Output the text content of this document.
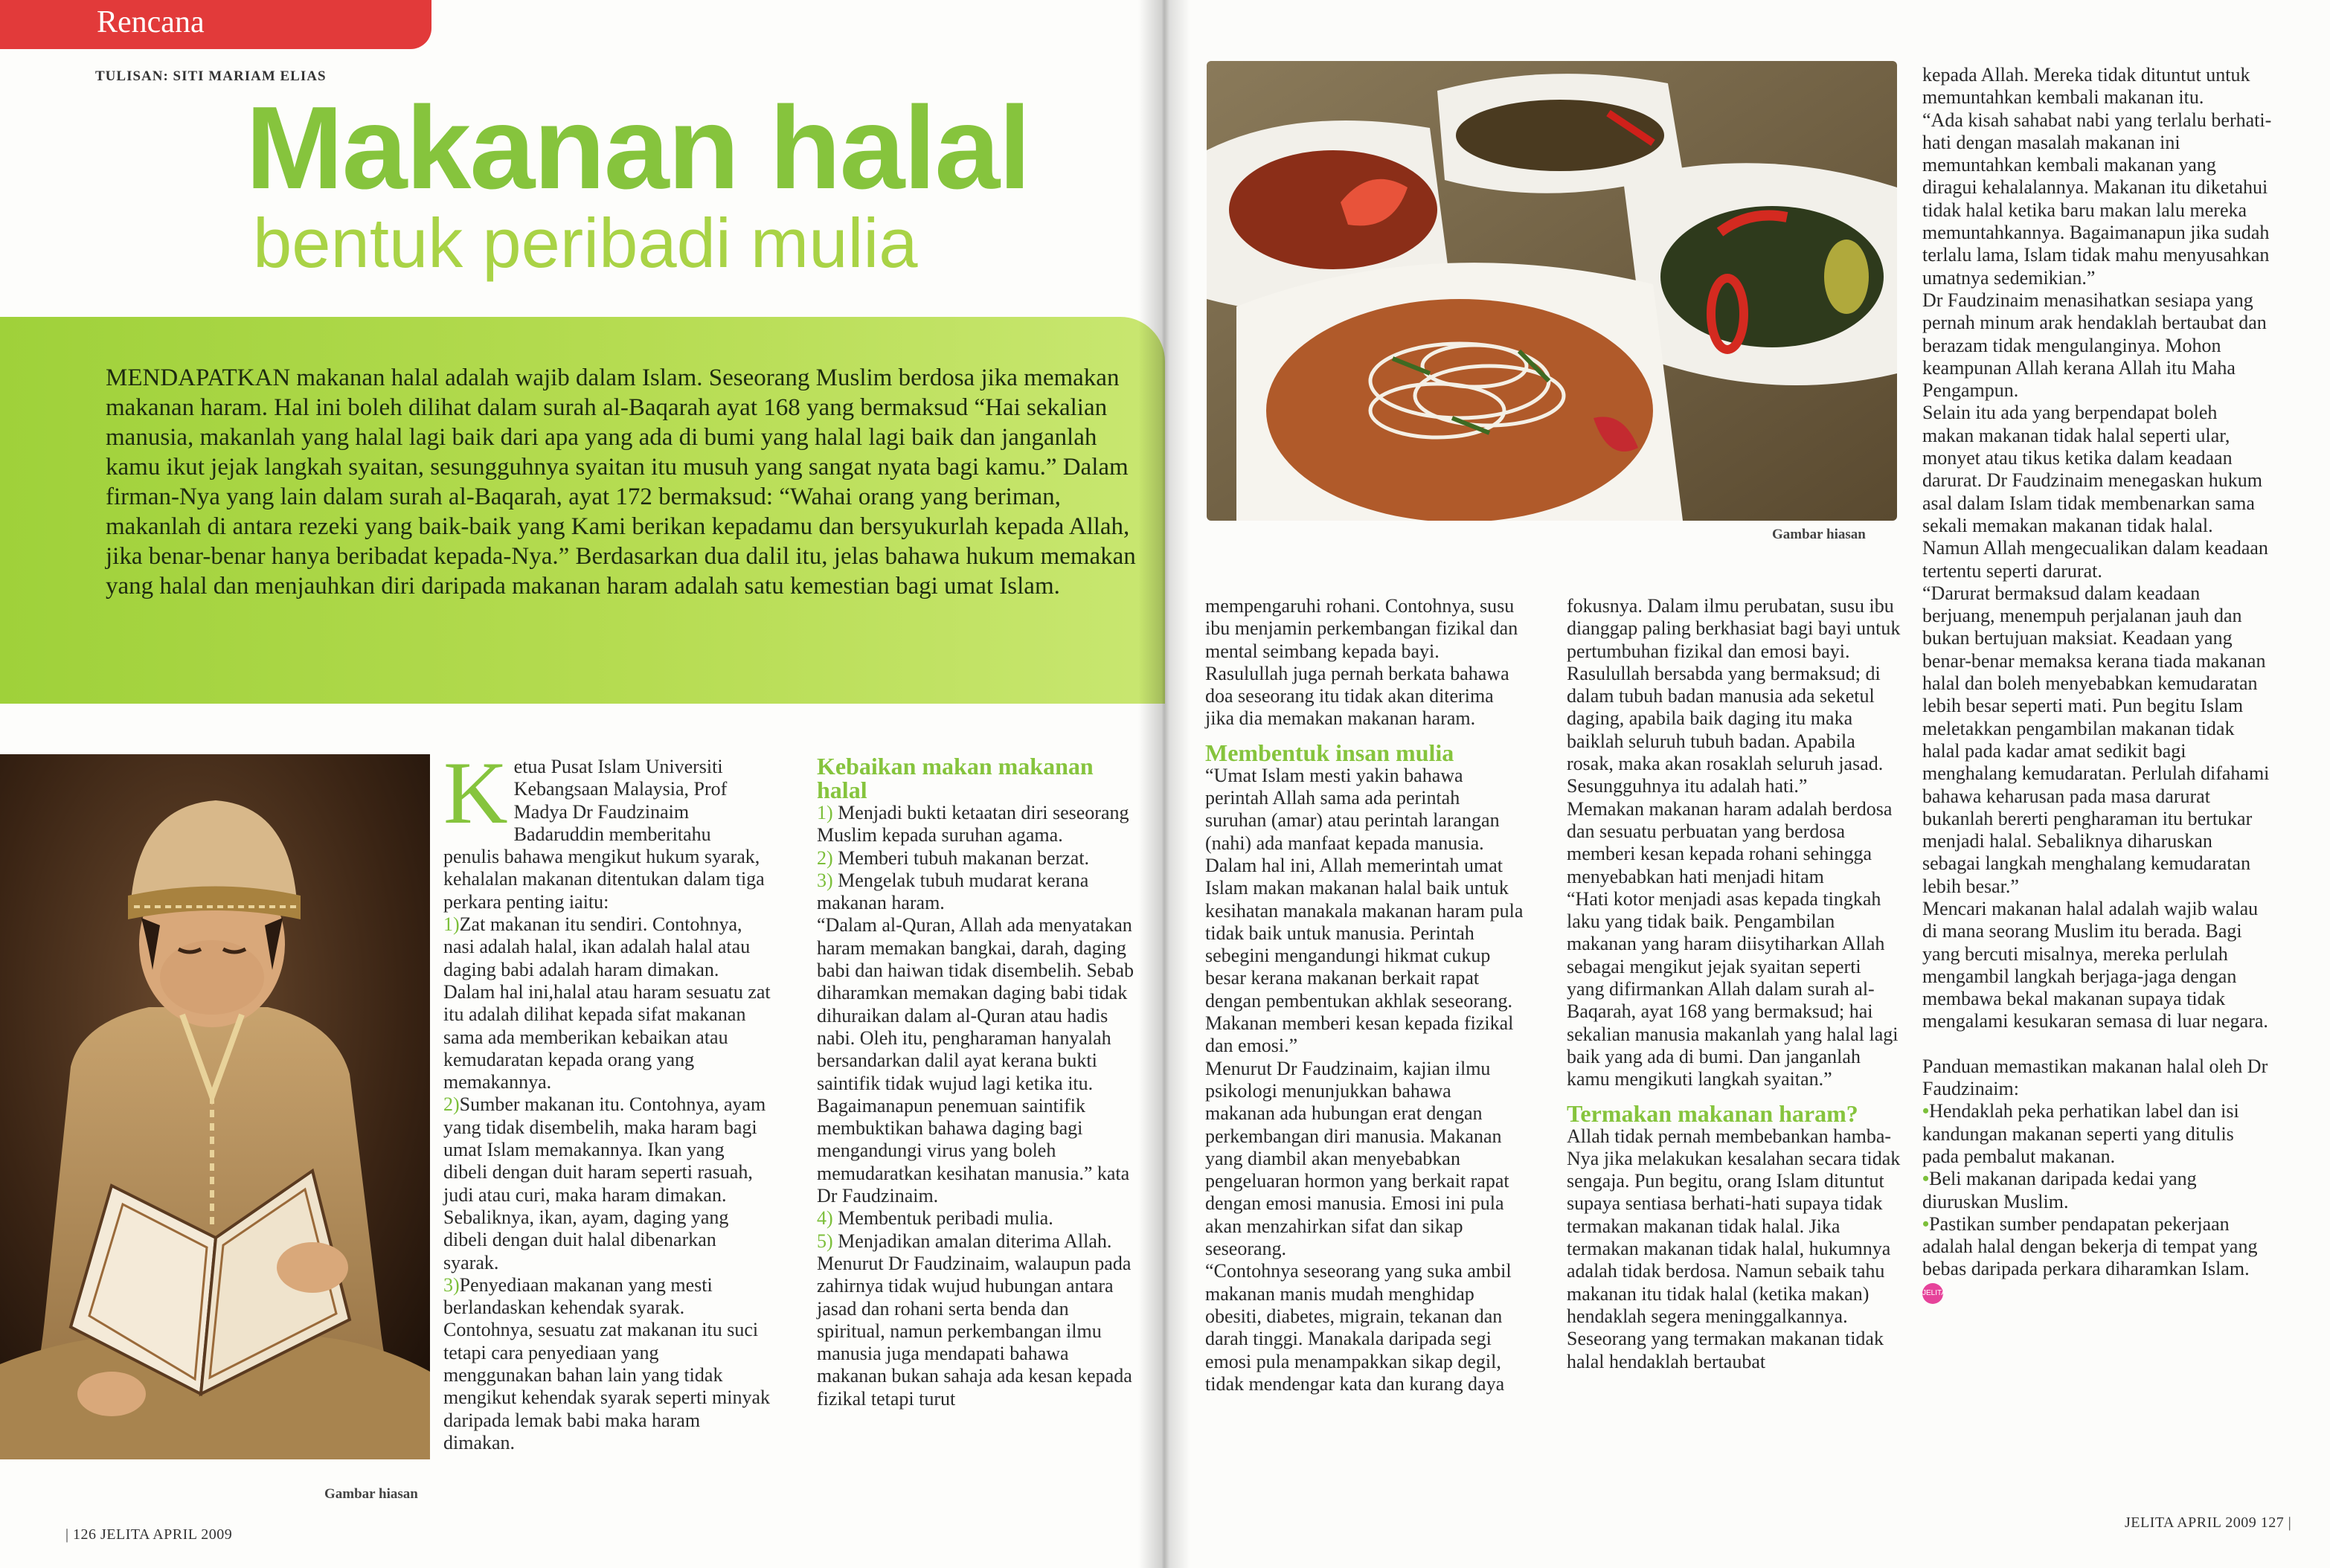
Rencana
TULISAN: SITI MARIAM ELIAS
Makanan halal
bentuk peribadi mulia
MENDAPATKAN makanan halal adalah wajib dalam Islam. Seseorang Muslim berdosa jika memakan makanan haram. Hal ini boleh dilihat dalam surah al-Baqarah ayat 168 yang bermaksud “Hai sekalian manusia, makanlah yang halal lagi baik dari apa yang ada di bumi yang halal lagi baik dan janganlah kamu ikut jejak langkah syaitan, sesungguhnya syaitan itu musuh yang sangat nyata bagi kamu.” Dalam firman-Nya yang lain dalam surah al-Baqarah, ayat 172 bermaksud: “Wahai orang yang beriman, makanlah di antara rezeki yang baik-baik yang Kami berikan kepadamu dan bersyukurlah kepada Allah, jika benar-benar hanya beribadat kepada-Nya.” Berdasarkan dua dalil itu, jelas bahawa hukum memakan yang halal dan menjauhkan diri daripada makanan haram adalah satu kemestian bagi umat Islam.
Gambar hiasan
Gambar hiasan

Ketua Pusat Islam Universiti Kebangsaan Malaysia, Prof Madya Dr Faudzinaim Badaruddin memberitahu penulis bahawa mengikut hukum syarak, kehalalan makanan ditentukan dalam tiga perkara penting iaitu:

1)Zat makanan itu sendiri. Contohnya, nasi adalah halal, ikan adalah halal atau daging babi adalah haram dimakan. Dalam hal ini,halal atau haram sesuatu zat itu adalah dilihat kepada sifat makanan sama ada memberikan kebaikan atau kemudaratan kepada orang yang memakannya.

2)Sumber makanan itu. Contohnya, ayam yang tidak disembelih, maka haram bagi umat Islam memakannya. Ikan yang dibeli dengan duit haram seperti rasuah, judi atau curi, maka haram dimakan. Sebaliknya, ikan, ayam, daging yang dibeli dengan duit halal dibenarkan syarak.

3)Penyediaan makanan yang mesti berlandaskan kehendak syarak. Contohnya, sesuatu zat makanan itu suci tetapi cara penyediaan yang menggunakan bahan lain yang tidak mengikut kehendak syarak seperti minyak daripada lemak babi maka haram dimakan.

Kebaikan makan makanan halal

1) Menjadi bukti ketaatan diri seseorang Muslim kepada suruhan agama.

2) Memberi tubuh makanan berzat.

3) Mengelak tubuh mudarat kerana makanan haram.

“Dalam al-Quran, Allah ada menyatakan haram memakan bangkai, darah, daging babi dan haiwan tidak disembelih. Sebab diharamkan memakan daging babi tidak dihuraikan dalam al-Quran atau hadis nabi. Oleh itu, pengharaman hanyalah bersandarkan dalil ayat kerana bukti saintifik tidak wujud lagi ketika itu. Bagaimanapun penemuan saintifik membuktikan bahawa daging bagi mengandungi virus yang boleh memudaratkan kesihatan manusia.” kata Dr Faudzinaim.

4) Membentuk peribadi mulia.

5) Menjadikan amalan diterima Allah.

Menurut Dr Faudzinaim, walaupun pada zahirnya tidak wujud hubungan antara jasad dan rohani serta benda dan spiritual, namun perkembangan ilmu manusia juga mendapati bahawa makanan bukan sahaja ada kesan kepada fizikal tetapi turut

mempengaruhi rohani. Contohnya, susu ibu menjamin perkembangan fizikal dan mental seimbang kepada bayi. Rasulullah juga pernah berkata bahawa doa seseorang itu tidak akan diterima jika dia memakan makanan haram.

Membentuk insan mulia

“Umat Islam mesti yakin bahawa perintah Allah sama ada perintah suruhan (amar) atau perintah larangan (nahi) ada manfaat kepada manusia. Dalam hal ini, Allah memerintah umat Islam makan makanan halal baik untuk kesihatan manakala makanan haram pula tidak baik untuk manusia. Perintah sebegini mengandungi hikmat cukup besar kerana makanan berkait rapat dengan pembentukan akhlak seseorang. Makanan memberi kesan kepada fizikal dan emosi.”

Menurut Dr Faudzinaim, kajian ilmu psikologi menunjukkan bahawa makanan ada hubungan erat dengan perkembangan diri manusia. Makanan yang diambil akan menyebabkan pengeluaran hormon yang berkait rapat dengan emosi manusia. Emosi ini pula akan menzahirkan sifat dan sikap seseorang.

“Contohnya seseorang yang suka ambil makanan manis mudah menghidap obesiti, diabetes, migrain, tekanan dan darah tinggi. Manakala daripada segi emosi pula menampakkan sikap degil, tidak mendengar kata dan kurang daya

fokusnya. Dalam ilmu perubatan, susu ibu dianggap paling berkhasiat bagi bayi untuk pertumbuhan fizikal dan emosi bayi. Rasulullah bersabda yang bermaksud; di dalam tubuh badan manusia ada seketul daging, apabila baik daging itu maka baiklah seluruh tubuh badan. Apabila rosak, maka akan rosaklah seluruh jasad. Sesungguhnya itu adalah hati.”

Memakan makanan haram adalah berdosa dan sesuatu perbuatan yang berdosa memberi kesan kepada rohani sehingga menyebabkan hati menjadi hitam

“Hati kotor menjadi asas kepada tingkah laku yang tidak baik. Pengambilan makanan yang haram diisytiharkan Allah sebagai mengikut jejak syaitan seperti yang difirmankan Allah dalam surah al-Baqarah, ayat 168 yang bermaksud; hai sekalian manusia makanlah yang halal lagi baik yang ada di bumi. Dan janganlah kamu mengikuti langkah syaitan.”

Termakan makanan haram?

Allah tidak pernah membebankan hamba-Nya jika melakukan kesalahan secara tidak sengaja. Pun begitu, orang Islam dituntut supaya sentiasa berhati-hati supaya tidak termakan makanan tidak halal. Jika termakan makanan tidak halal, hukumnya adalah tidak berdosa. Namun sebaik tahu makanan itu tidak halal (ketika makan) hendaklah segera meninggalkannya.

Seseorang yang termakan makanan tidak halal hendaklah bertaubat

kepada Allah. Mereka tidak dituntut untuk memuntahkan kembali makanan itu.

“Ada kisah sahabat nabi yang terlalu berhati-hati dengan masalah makanan ini memuntahkan kembali makanan yang diragui kehalalannya. Makanan itu diketahui tidak halal ketika baru makan lalu mereka memuntahkannya. Bagaimanapun jika sudah terlalu lama, Islam tidak mahu menyusahkan umatnya sedemikian.”

Dr Faudzinaim menasihatkan sesiapa yang pernah minum arak hendaklah bertaubat dan berazam tidak mengulanginya. Mohon keampunan Allah kerana Allah itu Maha Pengampun.

Selain itu ada yang berpendapat boleh makan makanan tidak halal seperti ular, monyet atau tikus ketika dalam keadaan darurat. Dr Faudzinaim menegaskan hukum asal dalam Islam tidak membenarkan sama sekali memakan makanan tidak halal. Namun Allah mengecualikan dalam keadaan tertentu seperti darurat.

“Darurat bermaksud dalam keadaan berjuang, menempuh perjalanan jauh dan bukan bertujuan maksiat. Keadaan yang benar-benar memaksa kerana tiada makanan halal dan boleh menyebabkan kemudaratan lebih besar seperti mati. Pun begitu Islam meletakkan pengambilan makanan tidak halal pada kadar amat sedikit bagi menghalang kemudaratan. Perlulah difahami bahawa keharusan pada masa darurat bukanlah bererti pengharaman itu bertukar menjadi halal. Sebaliknya diharuskan sebagai langkah menghalang kemudaratan lebih besar.”

Mencari makanan halal adalah wajib walau di mana seorang Muslim itu berada. Bagi yang bercuti misalnya, mereka perlulah mengambil langkah berjaga-jaga dengan membawa bekal makanan supaya tidak mengalami kesukaran semasa di luar negara.

Panduan memastikan makanan halal oleh Dr Faudzinaim:

•Hendaklah peka perhatikan label dan isi kandungan makanan seperti yang ditulis pada pembalut makanan.

•Beli makanan daripada kedai yang diuruskan Muslim.

•Pastikan sumber pendapatan pekerjaan adalah halal dengan bekerja di tempat yang bebas daripada perkara diharamkan Islam. JELITA

| 126 JELITA APRIL 2009
JELITA APRIL 2009 127 |
